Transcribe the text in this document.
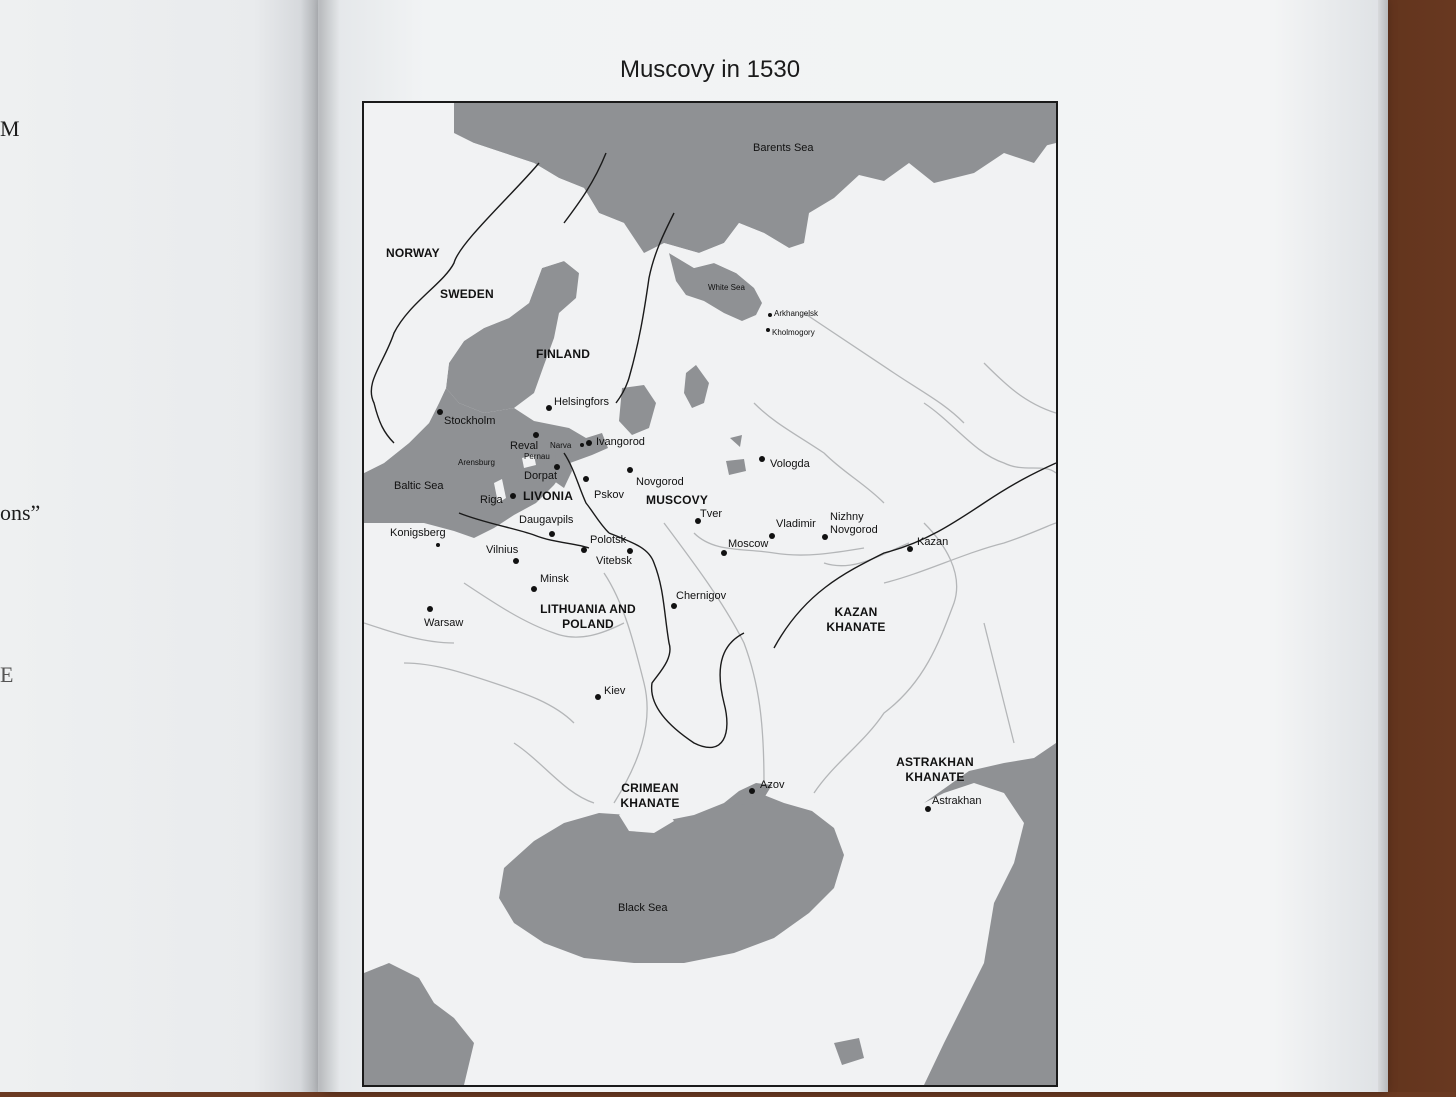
M
ons”
E
Muscovy in 1530
Barents Sea
White Sea
Baltic Sea
Black Sea
NORWAY
SWEDEN
FINLAND
LIVONIA	MUSCOVY
LITHUANIA AND POLAND
KAZAN KHANATE
CRIMEAN KHANATE
ASTRAKHAN KHANATE
Arkhangelsk
Kholmogory
Stockholm
Helsingfors
Reval Narva Ivangorod
Pernau
Arensburg
Dorpat
Riga	Pskov
Novgorod
Vologda
Tver
Vladimir
Nizhny Novgorod
Moscow	Kazan
Konigsberg
Daugavpils
Polotsk
Vitebsk
Vilnius
Minsk
Chernigov
Warsaw
Kiev
Azov
Astrakhan
